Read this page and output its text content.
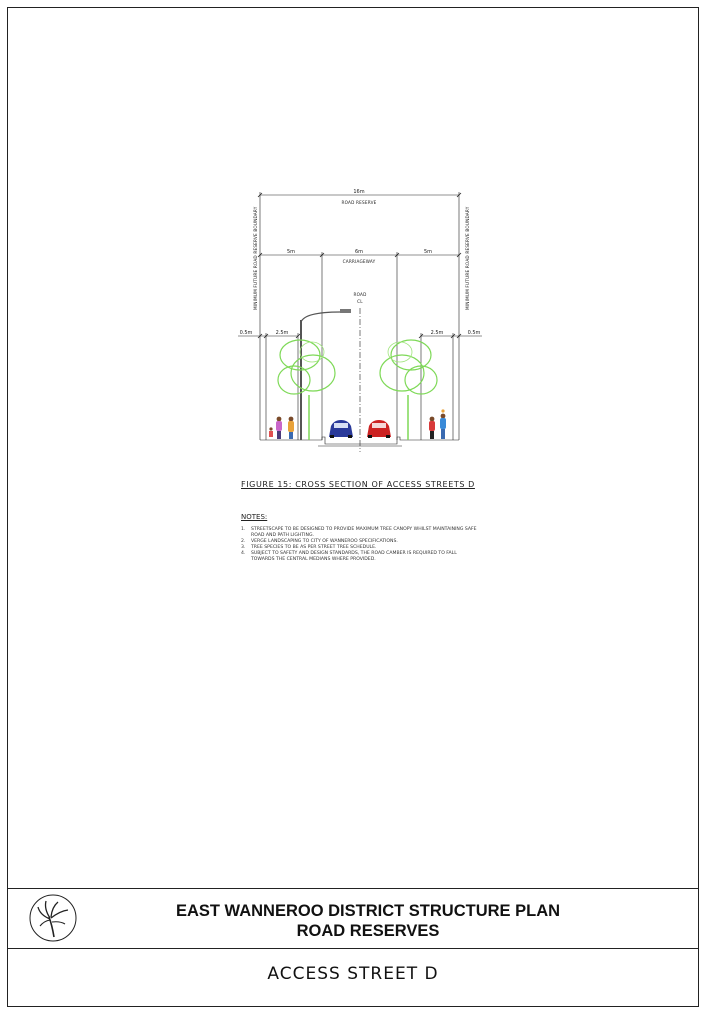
16m
ROAD RESERVE
5m	6m
CARRIAGEWAY
5m
0.5m	2.5m	2.5m	0.5m
ROAD
CL
MINIMUM FUTURE ROAD RESERVE BOUNDARY	MINIMUM FUTURE ROAD RESERVE BOUNDARY
FIGURE 15: CROSS SECTION OF ACCESS STREETS D
NOTES:
1. STREETSCAPE TO BE DESIGNED TO PROVIDE MAXIMUM TREE CANOPY WHILST MAINTAINING SAFE ROAD AND PATH LIGHTING.
2. VERGE LANDSCAPING TO CITY OF WANNEROO SPECIFICATIONS.
3. TREE SPECIES TO BE AS PER STREET TREE SCHEDULE.
4. SUBJECT TO SAFETY AND DESIGN STANDARDS, THE ROAD CAMBER IS REQUIRED TO FALL TOWARDS THE CENTRAL MEDIANS WHERE PROVIDED.
EAST WANNEROO DISTRICT STRUCTURE PLAN
ROAD RESERVES
ACCESS STREET D
